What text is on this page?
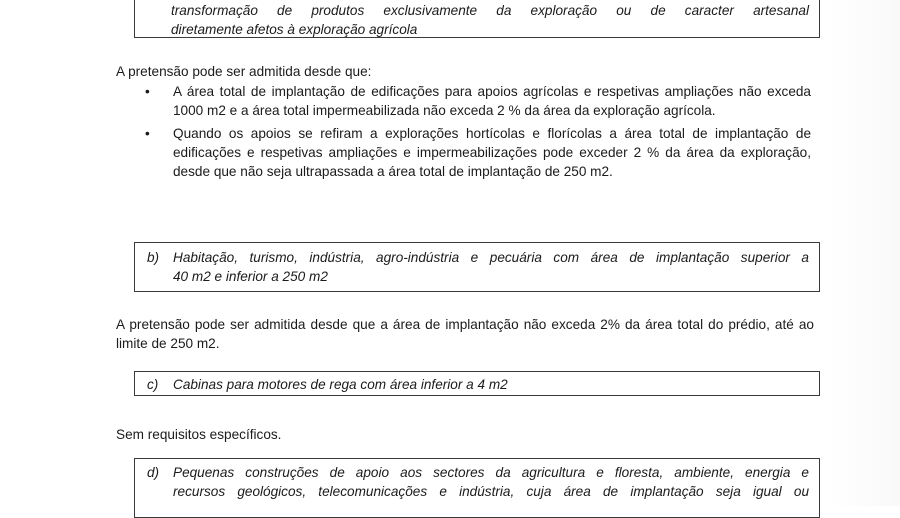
transformação de produtos exclusivamente da exploração ou de caracter artesanal
diretamente afetos à exploração agrícola
A pretensão pode ser admitida desde que:
•	A área total de implantação de edificações para apoios agrícolas e respetivas ampliações não exceda 1000 m2 e a área total impermeabilizada não exceda 2 % da área da exploração agrícola.
•	Quando os apoios se refiram a explorações hortícolas e florícolas a área total de implantação de edificações e respetivas ampliações e impermeabilizações pode exceder 2 % da área da exploração, desde que não seja ultrapassada a área total de implantação de 250 m2.
b)	Habitação, turismo, indústria, agro-indústria e pecuária com área de implantação superior a
40 m2 e inferior a 250 m2
A pretensão pode ser admitida desde que a área de implantação não exceda 2% da área total do prédio, até ao limite de 250 m2.
c)	Cabinas para motores de rega com área inferior a 4 m2
Sem requisitos específicos.
d)	Pequenas construções de apoio aos sectores da agricultura e floresta, ambiente, energia e
recursos geológicos, telecomunicações e indústria, cuja área de implantação seja igual ou
